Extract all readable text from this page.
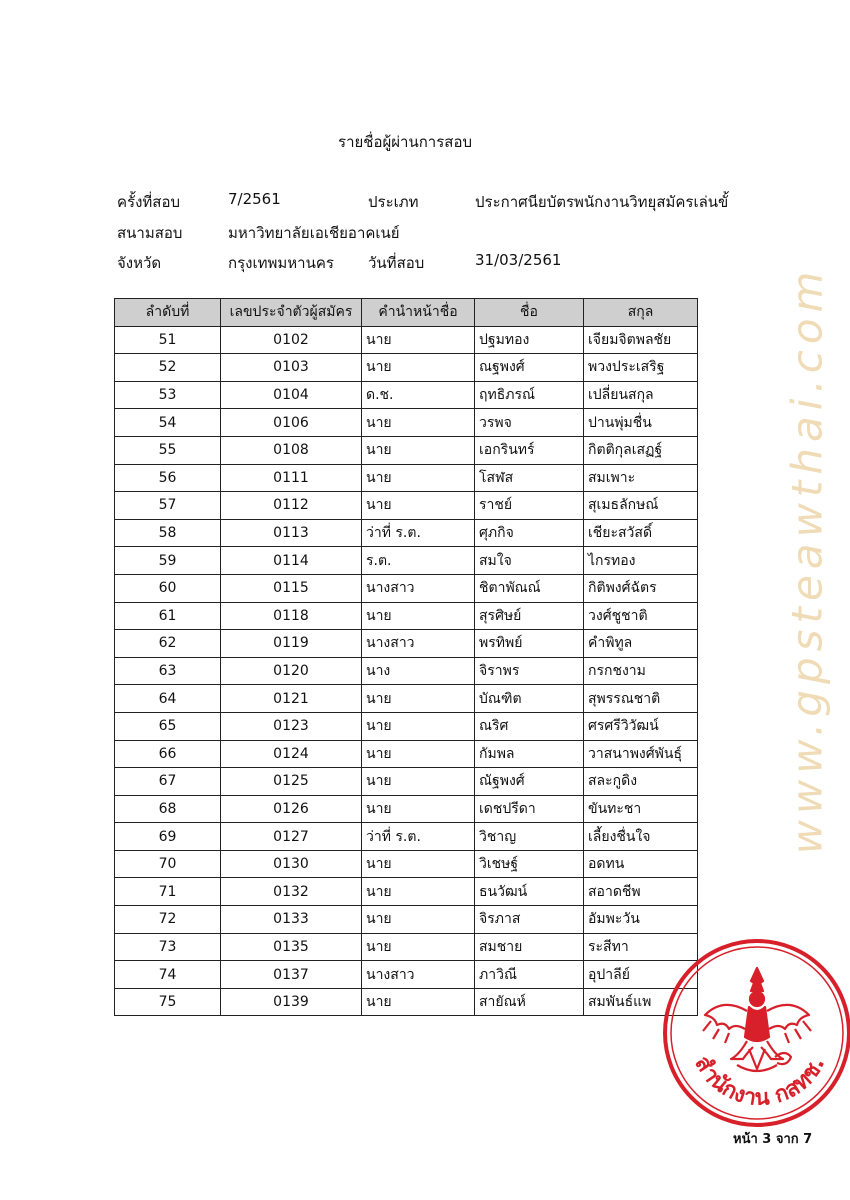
รายชื่อผู้ผ่านการสอบ
ครั้งที่สอบ	7/2561	ประเภท	ประกาศนียบัตรพนักงานวิทยุสมัครเล่นขั้
สนามสอบ	มหาวิทยาลัยเอเชียอาคเนย์
จังหวัด	กรุงเทพมหานคร วันที่สอบ	31/03/2561
ลำดับที่	เลขประจำตัวผู้สมัคร	คำนำหน้าชื่อ	ชื่อ	สกุล
51	0102	นาย	ปฐมทอง	เจียมจิตพลชัย
52	0103	นาย	ณฐพงศ์	พวงประเสริฐ
53	0104	ด.ช.	ฤทธิภรณ์	เปลี่ยนสกุล
54	0106	นาย	วรพจ	ปานพุ่มชื่น
55	0108	นาย	เอกรินทร์	กิตติกุลเสฏฐ์
56	0111	นาย	โสฬส	สมเพาะ
57	0112	นาย	ราชย์	สุเมธลักษณ์
58	0113	ว่าที่ ร.ต.	ศุภกิจ	เชียะสวัสดิ์
59	0114	ร.ต.	สมใจ	ไกรทอง
60	0115	นางสาว	ชิตาพัณณ์	กิติพงศ์ฉัตร
61	0118	นาย	สุรศิษย์	วงศ์ชูชาติ
62	0119	นางสาว	พรทิพย์	คำพิทูล
63	0120	นาง	จิราพร	กรกชงาม
64	0121	นาย	บัณฑิต	สุพรรณชาติ
65	0123	นาย	ณริศ	ศรศรีวิวัฒน์
66	0124	นาย	กัมพล	วาสนาพงศ์พันธุ์
67	0125	นาย	ณัฐพงศ์	สละกูดิง
68	0126	นาย	เดชปรีดา	ขันทะชา
69	0127	ว่าที่ ร.ต.	วิชาญ	เลี้ยงชื่นใจ
70	0130	นาย	วิเชษฐ์	อดทน
71	0132	นาย	ธนวัฒน์	สอาดชีพ
72	0133	นาย	จิรภาส	อัมพะวัน
73	0135	นาย	สมชาย	ระสีทา
74	0137	นางสาว	ภาวิณี	อุปาลีย์
75	0139	นาย	สายัณห์	สมพันธ์แพ
www.gpsteawthai.com
สำนักงาน กสทช.
หน้า 3 จาก 7
